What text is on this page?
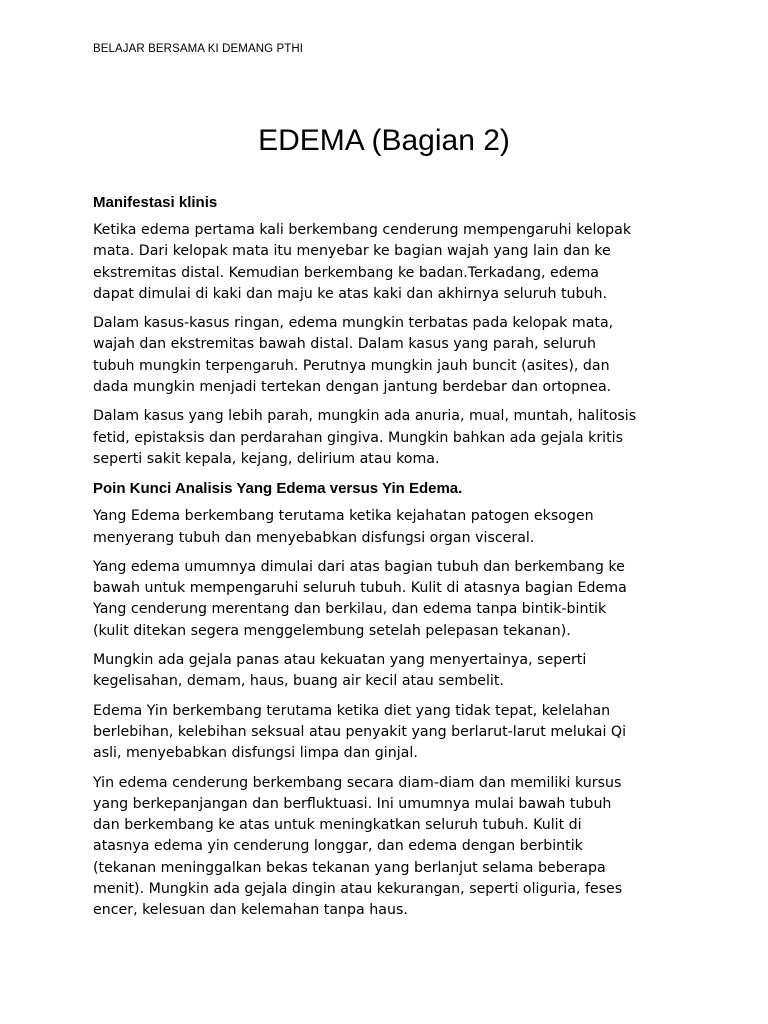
BELAJAR BERSAMA KI DEMANG PTHI
EDEMA (Bagian 2)
Manifestasi klinis
Ketika edema pertama kali berkembang cenderung mempengaruhi kelopak
mata. Dari kelopak mata itu menyebar ke bagian wajah yang lain dan ke
ekstremitas distal. Kemudian berkembang ke badan.Terkadang, edema
dapat dimulai di kaki dan maju ke atas kaki dan akhirnya seluruh tubuh.
Dalam kasus-kasus ringan, edema mungkin terbatas pada kelopak mata,
wajah dan ekstremitas bawah distal. Dalam kasus yang parah, seluruh
tubuh mungkin terpengaruh. Perutnya mungkin jauh buncit (asites), dan
dada mungkin menjadi tertekan dengan jantung berdebar dan ortopnea.
Dalam kasus yang lebih parah, mungkin ada anuria, mual, muntah, halitosis
fetid, epistaksis dan perdarahan gingiva. Mungkin bahkan ada gejala kritis
seperti sakit kepala, kejang, delirium atau koma.
Poin Kunci Analisis Yang Edema versus Yin Edema.
Yang Edema berkembang terutama ketika kejahatan patogen eksogen
menyerang tubuh dan menyebabkan disfungsi organ visceral.
Yang edema umumnya dimulai dari atas bagian tubuh dan berkembang ke
bawah untuk mempengaruhi seluruh tubuh. Kulit di atasnya bagian Edema
Yang cenderung merentang dan berkilau, dan edema tanpa bintik-bintik
(kulit ditekan segera menggelembung setelah pelepasan tekanan).
Mungkin ada gejala panas atau kekuatan yang menyertainya, seperti
kegelisahan, demam, haus, buang air kecil atau sembelit.
Edema Yin berkembang terutama ketika diet yang tidak tepat, kelelahan
berlebihan, kelebihan seksual atau penyakit yang berlarut-larut melukai Qi
asli, menyebabkan disfungsi limpa dan ginjal.
Yin edema cenderung berkembang secara diam-diam dan memiliki kursus
yang berkepanjangan dan berfluktuasi. Ini umumnya mulai bawah tubuh
dan berkembang ke atas untuk meningkatkan seluruh tubuh. Kulit di
atasnya edema yin cenderung longgar, dan edema dengan berbintik
(tekanan meninggalkan bekas tekanan yang berlanjut selama beberapa
menit). Mungkin ada gejala dingin atau kekurangan, seperti oliguria, feses
encer, kelesuan dan kelemahan tanpa haus.
